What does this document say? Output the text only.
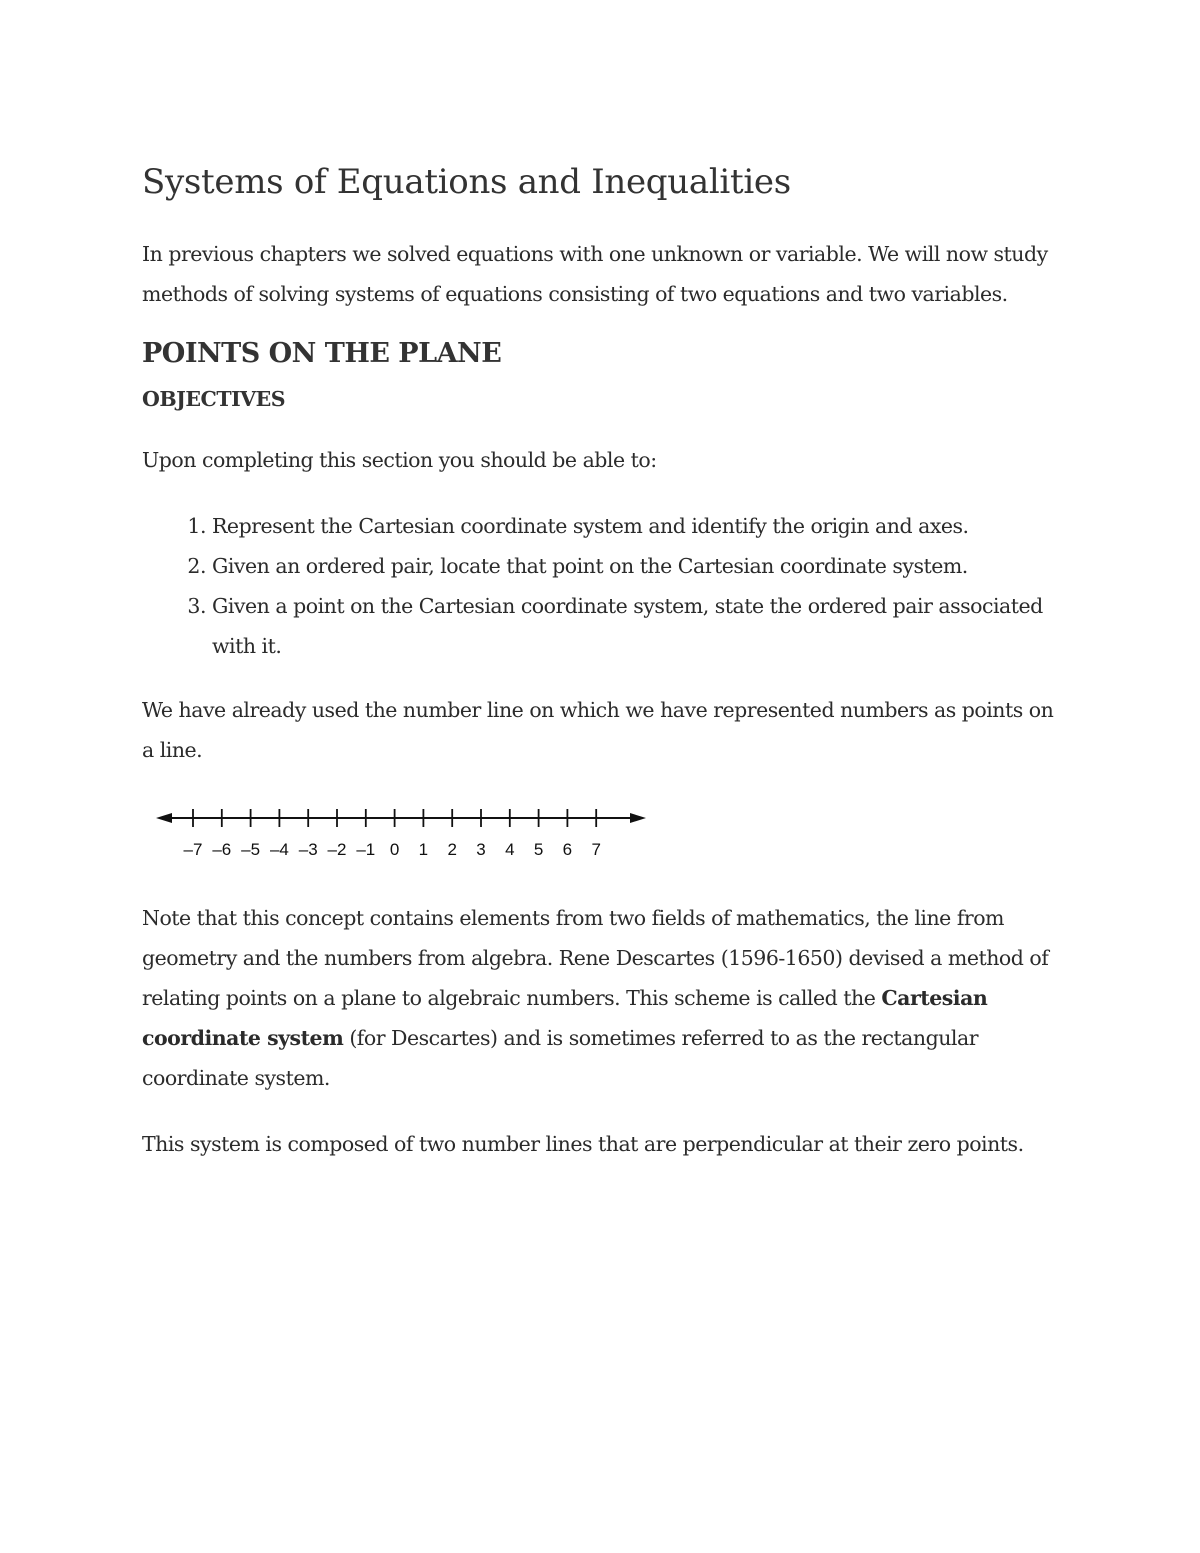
Systems of Equations and Inequalities

In previous chapters we solved equations with one unknown or variable. We will now study methods of solving systems of equations consisting of two equations and two variables.

POINTS ON THE PLANE
OBJECTIVES

Upon completing this section you should be able to:

1. Represent the Cartesian coordinate system and identify the origin and axes.
2. Given an ordered pair, locate that point on the Cartesian coordinate system.
3. Given a point on the Cartesian coordinate system, state the ordered pair associated with it.

We have already used the number line on which we have represented numbers as points on a line.

–7 –6 –5 –4 –3 –2 –1 0 1 2 3 4 5 6 7

Note that this concept contains elements from two fields of mathematics, the line from geometry and the numbers from algebra. Rene Descartes (1596-1650) devised a method of relating points on a plane to algebraic numbers. This scheme is called the Cartesian coordinate system (for Descartes) and is sometimes referred to as the rectangular coordinate system.

This system is composed of two number lines that are perpendicular at their zero points.
